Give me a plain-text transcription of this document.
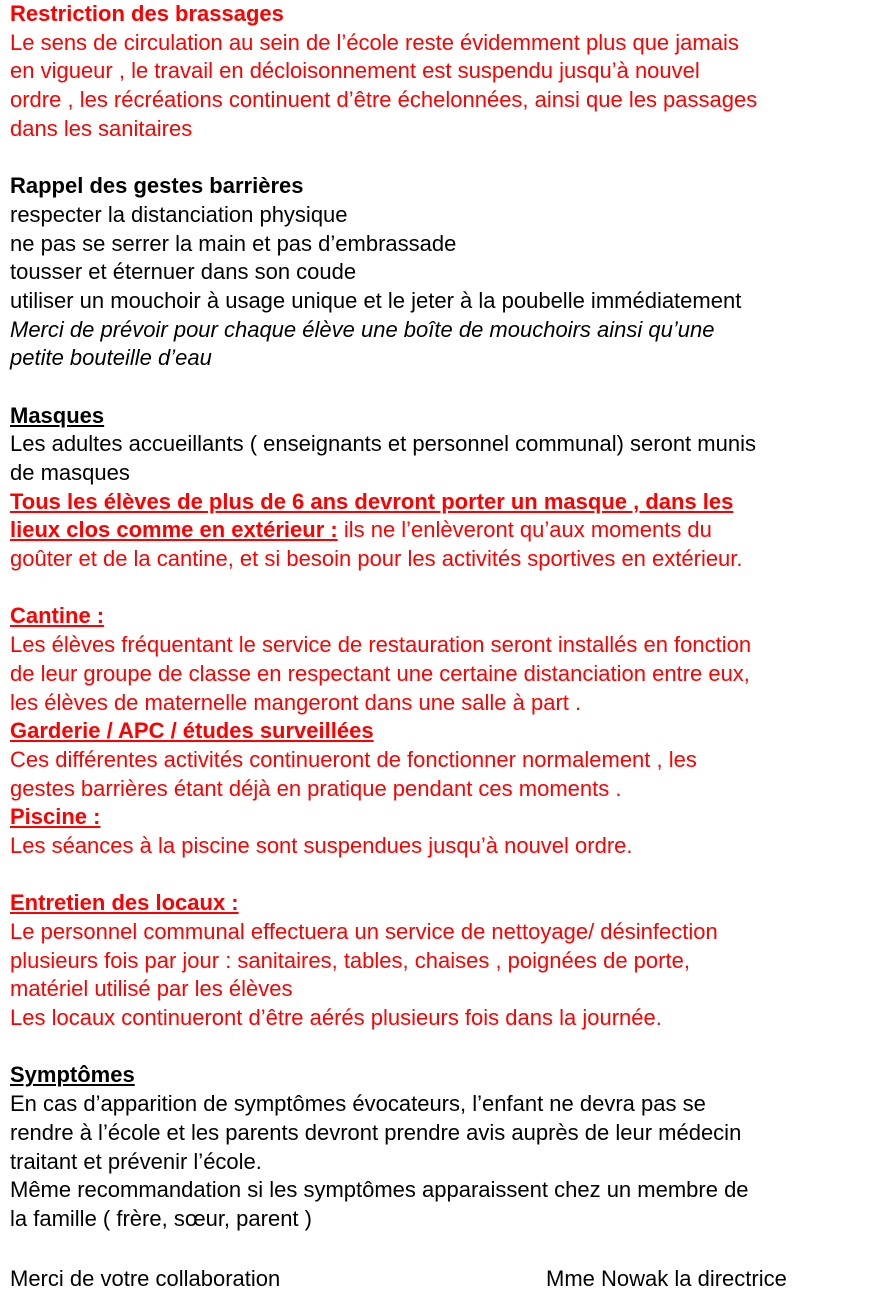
Restriction des brassages
Le sens de circulation au sein de l’école reste évidemment plus que jamais
en vigueur , le travail en décloisonnement est suspendu jusqu’à nouvel
ordre , les récréations continuent d’être échelonnées, ainsi que les passages
dans les sanitaires
Rappel des gestes barrières
respecter la distanciation physique
ne pas se serrer la main et pas d’embrassade
tousser et éternuer dans son coude
utiliser un mouchoir à usage unique et le jeter à la poubelle immédiatement
Merci de prévoir pour chaque élève une boîte de mouchoirs ainsi qu’une
petite bouteille d’eau
Masques
Les adultes accueillants ( enseignants et personnel communal) seront munis
de masques
Tous les élèves de plus de 6 ans devront porter un masque , dans les
lieux clos comme en extérieur : ils ne l’enlèveront qu’aux moments du
goûter et de la cantine, et si besoin pour les activités sportives en extérieur.
Cantine :
Les élèves fréquentant le service de restauration seront installés en fonction
de leur groupe de classe en respectant une certaine distanciation entre eux,
les élèves de maternelle mangeront dans une salle à part .
Garderie / APC / études surveillées
Ces différentes activités continueront de fonctionner normalement , les
gestes barrières étant déjà en pratique pendant ces moments .
Piscine :
Les séances à la piscine sont suspendues jusqu’à nouvel ordre.
Entretien des locaux :
Le personnel communal effectuera un service de nettoyage/ désinfection
plusieurs fois par jour : sanitaires, tables, chaises , poignées de porte,
matériel utilisé par les élèves
Les locaux continueront d’être aérés plusieurs fois dans la journée.
Symptômes
En cas d’apparition de symptômes évocateurs, l’enfant ne devra pas se
rendre à l’école et les parents devront prendre avis auprès de leur médecin
traitant et prévenir l’école.
Même recommandation si les symptômes apparaissent chez un membre de
la famille ( frère, sœur, parent )
Merci de votre collaboration	Mme Nowak la directrice
